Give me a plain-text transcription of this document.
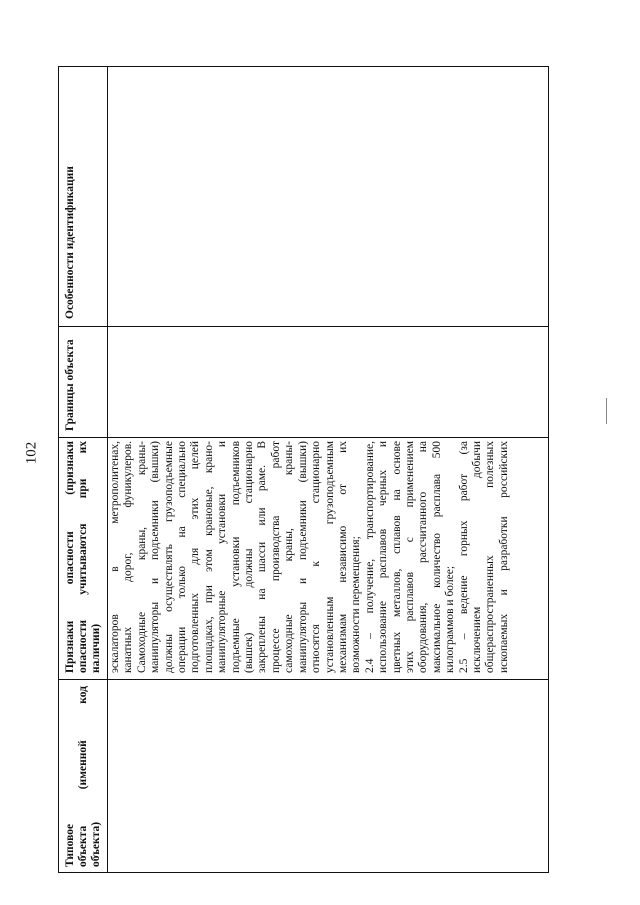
102
Типовое объекта (именной код объекта)
Признаки опасности (признаки опасности учитываются при их наличии)
Границы объекта
Особенности идентификации
эскалаторов в метрополитенах, канатных дорог, фуникулеров. Самоходные краны, краны- манипуляторы и подъемники (вышки) должны осуществлять грузоподъемные операции только на специально подготовленных для этих целей площадках, при этом крановые, крано- манипуляторные установки и подъемные установки подъемников (вышек) должны стационарно закреплены на шасси или раме. В процессе производства работ самоходные краны, краны- манипуляторы и подъемники (вышки) относятся к стационарно установленным грузоподъемным механизмам независимо от их возможности перемещения; 2.4 – получение, транспортирование, использование расплавов черных и цветных металлов, сплавов на основе этих расплавов с применением оборудования, рассчитанного на максимальное количество расплава 500 килограммов и более; 2.5 – ведение горных работ (за исключением добычи общераспространенных полезных ископаемых и разработки российских
